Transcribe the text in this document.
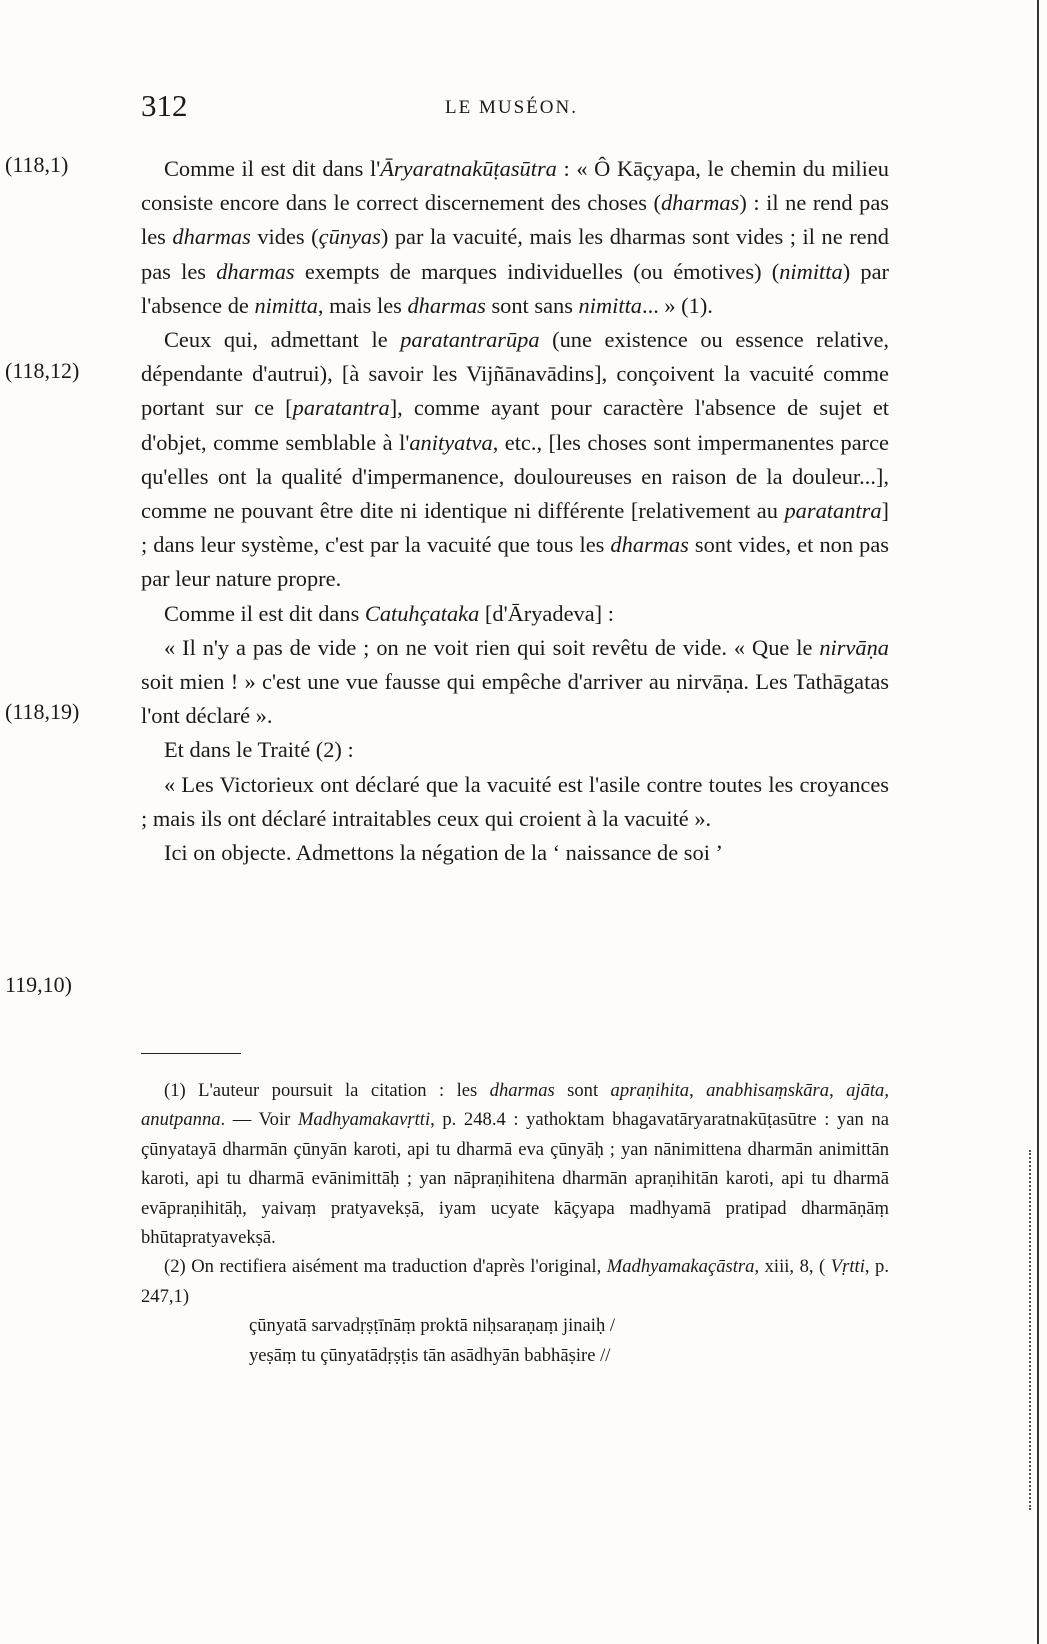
312	LE MUSÉON.
(118,1)
(118,12)
(118,19)
119,10)

Comme il est dit dans l'Āryaratnakūṭasūtra : « Ô Kāçyapa, le chemin du milieu consiste encore dans le correct discernement des choses (dharmas) : il ne rend pas les dharmas vides (çūnyas) par la vacuité, mais les dharmas sont vides ; il ne rend pas les dharmas exempts de marques individuelles (ou émotives) (nimitta) par l'absence de nimitta, mais les dharmas sont sans nimitta... » (1).

Ceux qui, admettant le paratantrarūpa (une existence ou essence relative, dépendante d'autrui), [à savoir les Vijñānavādins], conçoivent la vacuité comme portant sur ce [paratantra], comme ayant pour caractère l'absence de sujet et d'objet, comme semblable à l'anityatva, etc., [les choses sont impermanentes parce qu'elles ont la qualité d'impermanence, douloureuses en raison de la douleur...], comme ne pouvant être dite ni identique ni différente [relativement au paratantra] ; dans leur système, c'est par la vacuité que tous les dharmas sont vides, et non pas par leur nature propre.

Comme il est dit dans Catuhçataka [d'Āryadeva] :

« Il n'y a pas de vide ; on ne voit rien qui soit revêtu de vide. « Que le nirvāṇa soit mien ! » c'est une vue fausse qui empêche d'arriver au nirvāṇa. Les Tathāgatas l'ont déclaré ».

Et dans le Traité (2) :

« Les Victorieux ont déclaré que la vacuité est l'asile contre toutes les croyances ; mais ils ont déclaré intraitables ceux qui croient à la vacuité ».

Ici on objecte. Admettons la négation de la ‘ naissance de soi ’

(1) L'auteur poursuit la citation : les dharmas sont apraṇihita, anabhisaṃskāra, ajāta, anutpanna. — Voir Madhyamakavṛtti, p. 248.4 : yathoktam bhagavatāryaratnakūṭasūtre : yan na çūnyatayā dharmān çūnyān karoti, api tu dharmā eva çūnyāḥ ; yan nānimittena dharmān animittān karoti, api tu dharmā evānimittāḥ ; yan nāpraṇihitena dharmān apraṇihitān karoti, api tu dharmā evāpraṇihitāḥ, yaivaṃ pratyavekṣā, iyam ucyate kāçyapa madhyamā pratipad dharmāṇāṃ bhūtapratyavekṣā.

(2) On rectifiera aisément ma traduction d'après l'original, Madhyamakaçāstra, xiii, 8, ( Vṛtti, p. 247,1)

çūnyatā sarvadṛṣṭīnāṃ proktā niḥsaraṇaṃ jinaiḥ /

yeṣāṃ tu çūnyatādṛṣṭis tān asādhyān babhāṣire //
